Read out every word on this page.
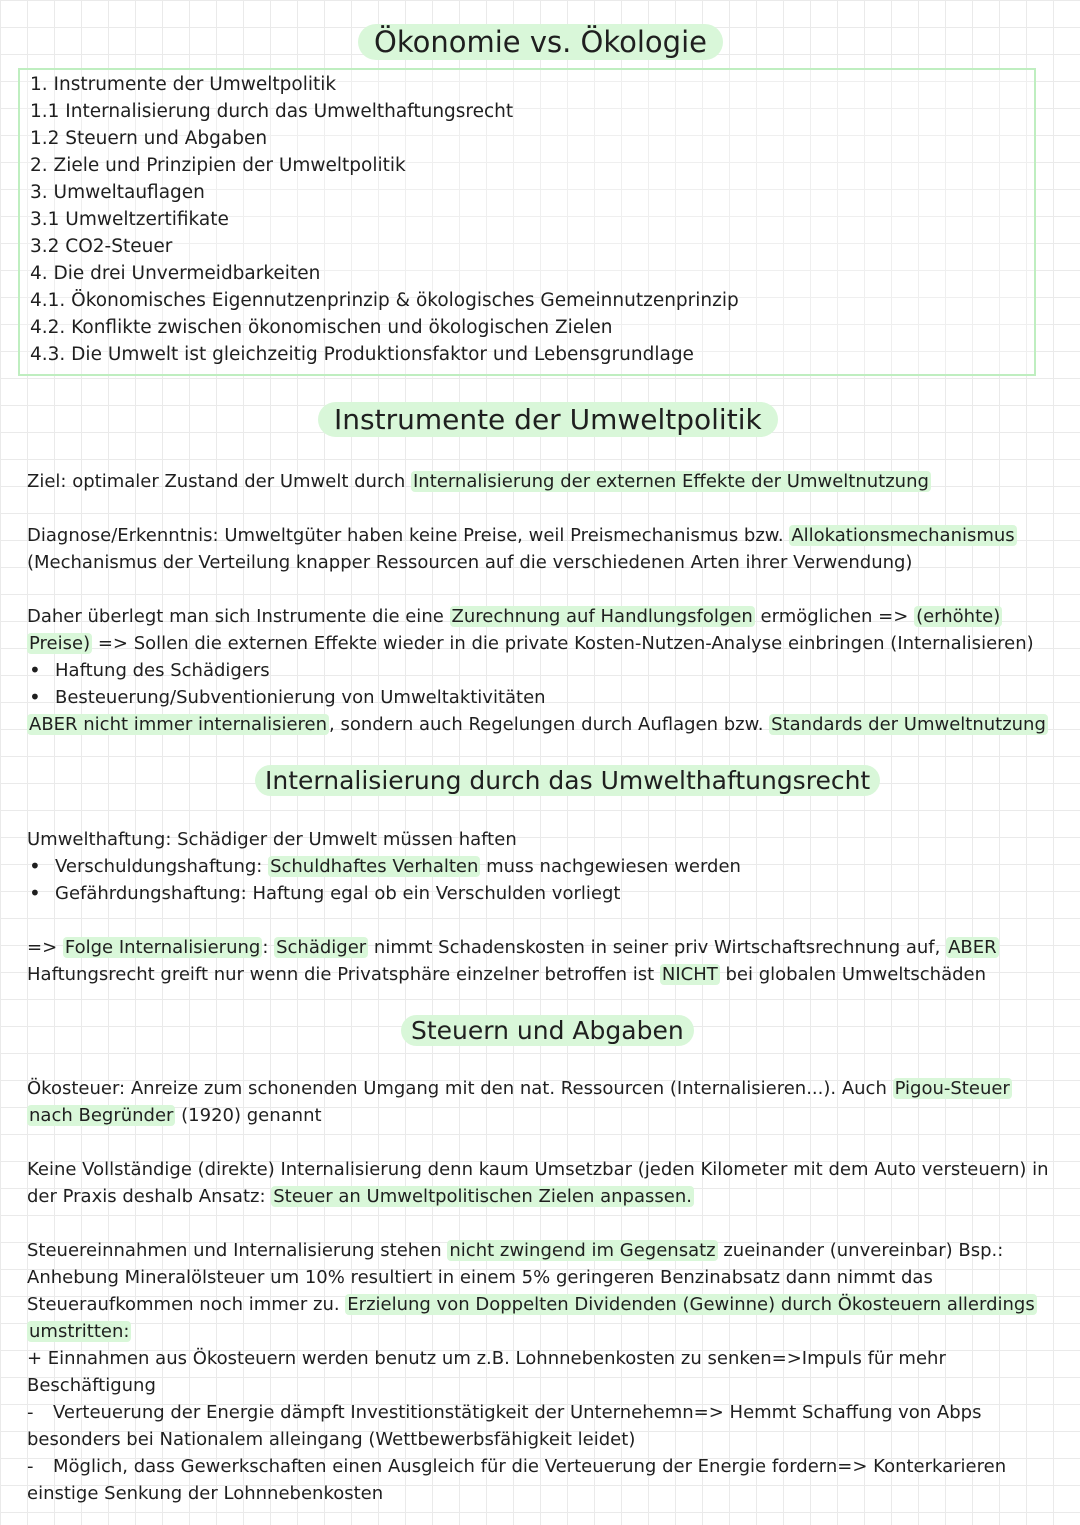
Ökonomie vs. Ökologie
1. Instrumente der Umweltpolitik
1.1 Internalisierung durch das Umwelthaftungsrecht
1.2 Steuern und Abgaben
2. Ziele und Prinzipien der Umweltpolitik
3. Umweltauflagen
3.1 Umweltzertifikate
3.2 CO2-Steuer
4. Die drei Unvermeidbarkeiten
4.1. Ökonomisches Eigennutzenprinzip & ökologisches Gemeinnutzenprinzip
4.2. Konflikte zwischen ökonomischen und ökologischen Zielen
4.3. Die Umwelt ist gleichzeitig Produktionsfaktor und Lebensgrundlage
Instrumente der Umweltpolitik
Ziel: optimaler Zustand der Umwelt durch Internalisierung der externen Effekte der Umweltnutzung
Diagnose/Erkenntnis: Umweltgüter haben keine Preise, weil Preismechanismus bzw. Allokationsmechanismus
(Mechanismus der Verteilung knapper Ressourcen auf die verschiedenen Arten ihrer Verwendung)
Daher überlegt man sich Instrumente die eine Zurechnung auf Handlungsfolgen ermöglichen => (erhöhte)
Preise) => Sollen die externen Effekte wieder in die private Kosten-Nutzen-Analyse einbringen (Internalisieren)
• Haftung des Schädigers
• Besteuerung/Subventionierung von Umweltaktivitäten
ABER nicht immer internalisieren , sondern auch Regelungen durch Auflagen bzw. Standards der Umweltnutzung
Internalisierung durch das Umwelthaftungsrecht
Umwelthaftung: Schädiger der Umwelt müssen haften
• Verschuldungshaftung: Schuldhaftes Verhalten muss nachgewiesen werden
• Gefährdungshaftung: Haftung egal ob ein Verschulden vorliegt
=> Folge Internalisierung : Schädiger nimmt Schadenskosten in seiner priv Wirtschaftsrechnung auf, ABER
Haftungsrecht greift nur wenn die Privatsphäre einzelner betroffen ist NICHT bei globalen Umweltschäden
Steuern und Abgaben
Ökosteuer: Anreize zum schonenden Umgang mit den nat. Ressourcen (Internalisieren...). Auch Pigou-Steuer
nach Begründer (1920) genannt
Keine Vollständige (direkte) Internalisierung denn kaum Umsetzbar (jeden Kilometer mit dem Auto versteuern) in
der Praxis deshalb Ansatz: Steuer an Umweltpolitischen Zielen anpassen.
Steuereinnahmen und Internalisierung stehen nicht zwingend im Gegensatz zueinander (unvereinbar) Bsp.:
Anhebung Mineralölsteuer um 10% resultiert in einem 5% geringeren Benzinabsatz dann nimmt das
Steueraufkommen noch immer zu. Erzielung von Doppelten Dividenden (Gewinne) durch Ökosteuern allerdings
umstritten:
+ Einnahmen aus Ökosteuern werden benutz um z.B. Lohnnebenkosten zu senken=>Impuls für mehr
Beschäftigung
- Verteuerung der Energie dämpft Investitionstätigkeit der Unternehemn=> Hemmt Schaffung von Abps
besonders bei Nationalem alleingang (Wettbewerbsfähigkeit leidet)
- Möglich, dass Gewerkschaften einen Ausgleich für die Verteuerung der Energie fordern=> Konterkarieren
einstige Senkung der Lohnnebenkosten
